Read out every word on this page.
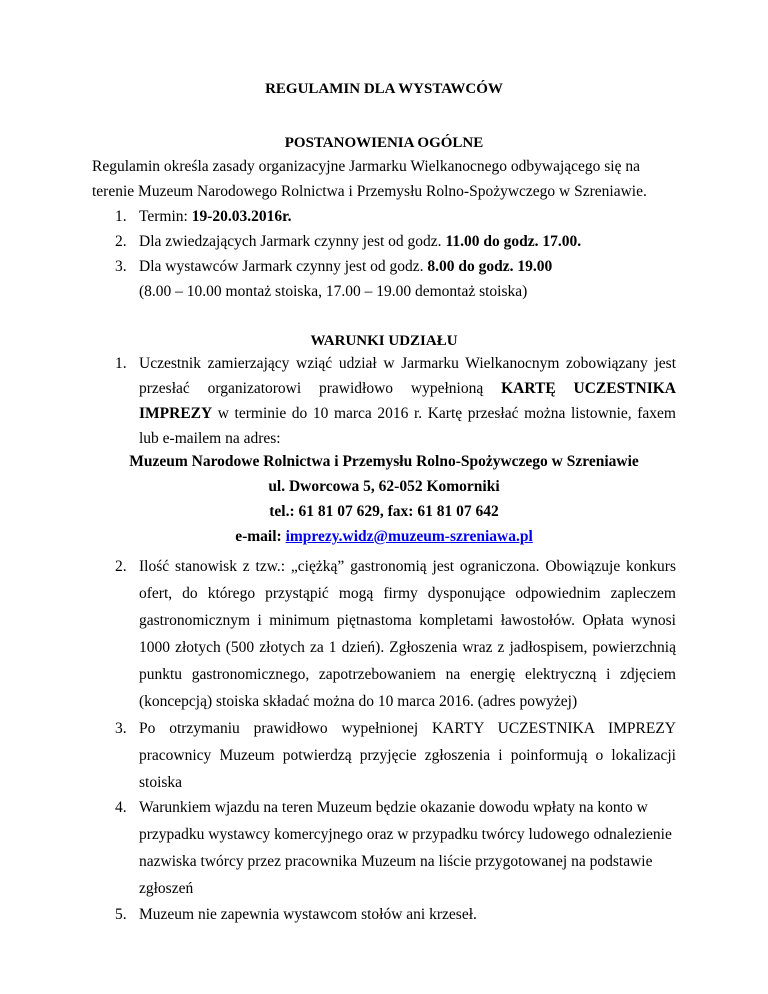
REGULAMIN DLA WYSTAWCÓW
POSTANOWIENIA OGÓLNE
Regulamin określa zasady organizacyjne Jarmarku Wielkanocnego odbywającego się na
terenie Muzeum Narodowego Rolnictwa i Przemysłu Rolno-Spożywczego w Szreniawie.
1. Termin: 19-20.03.2016r.
2. Dla zwiedzających Jarmark czynny jest od godz. 11.00 do godz. 17.00.
3. Dla wystawców Jarmark czynny jest od godz. 8.00 do godz. 19.00
(8.00 – 10.00 montaż stoiska, 17.00 – 19.00 demontaż stoiska)
WARUNKI UDZIAŁU
1. Uczestnik zamierzający wziąć udział w Jarmarku Wielkanocnym zobowiązany jest
przesłać organizatorowi prawidłowo wypełnioną KARTĘ UCZESTNIKA
IMPREZY w terminie do 10 marca 2016 r. Kartę przesłać można listownie, faxem
lub e-mailem na adres:
Muzeum Narodowe Rolnictwa i Przemysłu Rolno-Spożywczego w Szreniawie
ul. Dworcowa 5, 62-052 Komorniki
tel.: 61 81 07 629, fax: 61 81 07 642
e-mail: imprezy.widz@muzeum-szreniawa.pl
2. Ilość stanowisk z tzw.: „ciężką” gastronomią jest ograniczona. Obowiązuje konkurs
ofert, do którego przystąpić mogą firmy dysponujące odpowiednim zapleczem
gastronomicznym i minimum piętnastoma kompletami ławostołów. Opłata wynosi
1000 złotych (500 złotych za 1 dzień). Zgłoszenia wraz z jadłospisem, powierzchnią
punktu gastronomicznego, zapotrzebowaniem na energię elektryczną i zdjęciem
(koncepcją) stoiska składać można do 10 marca 2016. (adres powyżej)
3. Po otrzymaniu prawidłowo wypełnionej KARTY UCZESTNIKA IMPREZY
pracownicy Muzeum potwierdzą przyjęcie zgłoszenia i poinformują o lokalizacji
stoiska
4. Warunkiem wjazdu na teren Muzeum będzie okazanie dowodu wpłaty na konto w
przypadku wystawcy komercyjnego oraz w przypadku twórcy ludowego odnalezienie
nazwiska twórcy przez pracownika Muzeum na liście przygotowanej na podstawie
zgłoszeń
5. Muzeum nie zapewnia wystawcom stołów ani krzeseł.
